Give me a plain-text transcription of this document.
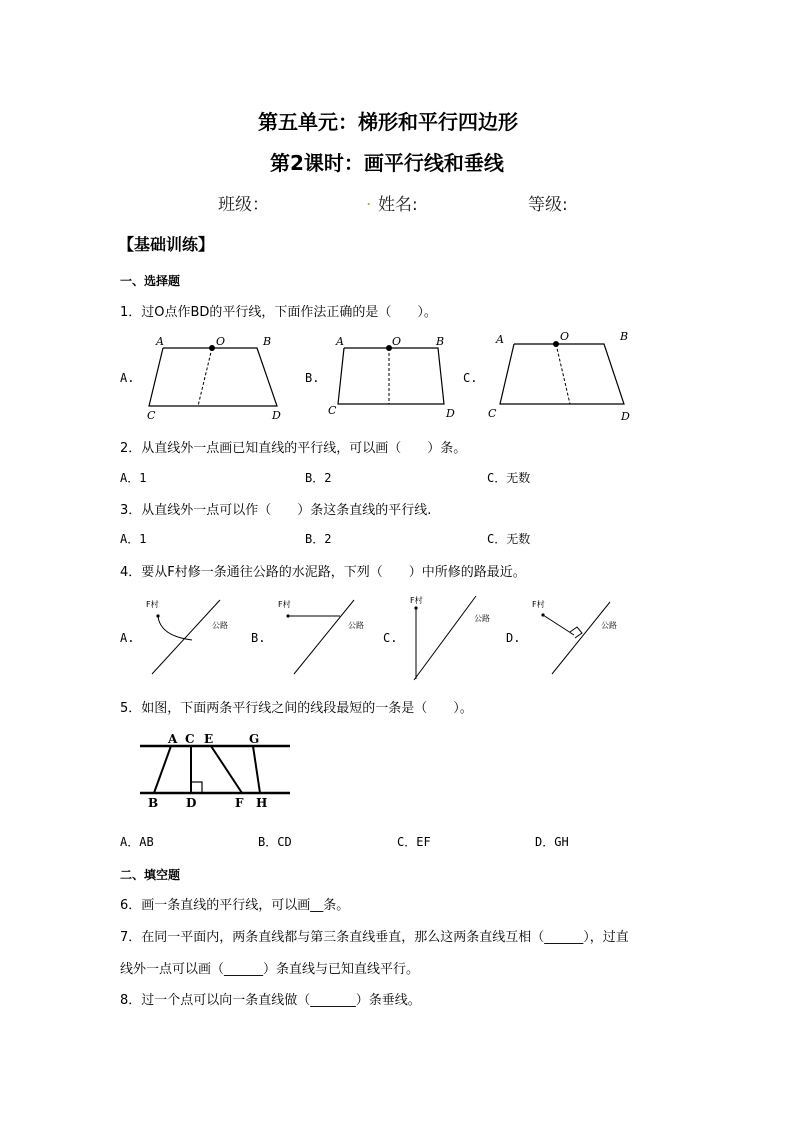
第五单元：梯形和平行四边形
第2课时：画平行线和垂线
班级：	. 姓名:	等级:
【基础训练】
一、选择题
1．过O点作BD的平行线，下面作法正确的是（　　）。
A.	B.	C.
A	O	B
C	D
A	O	B
C	D
A	O	B
C	D
2．从直线外一点画已知直线的平行线，可以画（　　）条。
A．1	B．2	C．无数
3．从直线外一点可以作（　　）条这条直线的平行线.
A．1	B．2	C．无数
4．要从F村修一条通往公路的水泥路，下列（　　）中所修的路最近。
A.	B.	C.	D.
F村
公路
F村
公路
F村
公路
F村
公路
5．如图，下面两条平行线之间的线段最短的一条是（　　）。
A C E	G
B D	F H
A．AB	B．CD	C．EF	D．GH
二、填空题
6．画一条直线的平行线，可以画__条。
7．在同一平面内，两条直线都与第三条直线垂直，那么这两条直线互相（______），过直
线外一点可以画（______）条直线与已知直线平行。
8．过一个点可以向一条直线做（_______）条垂线。
